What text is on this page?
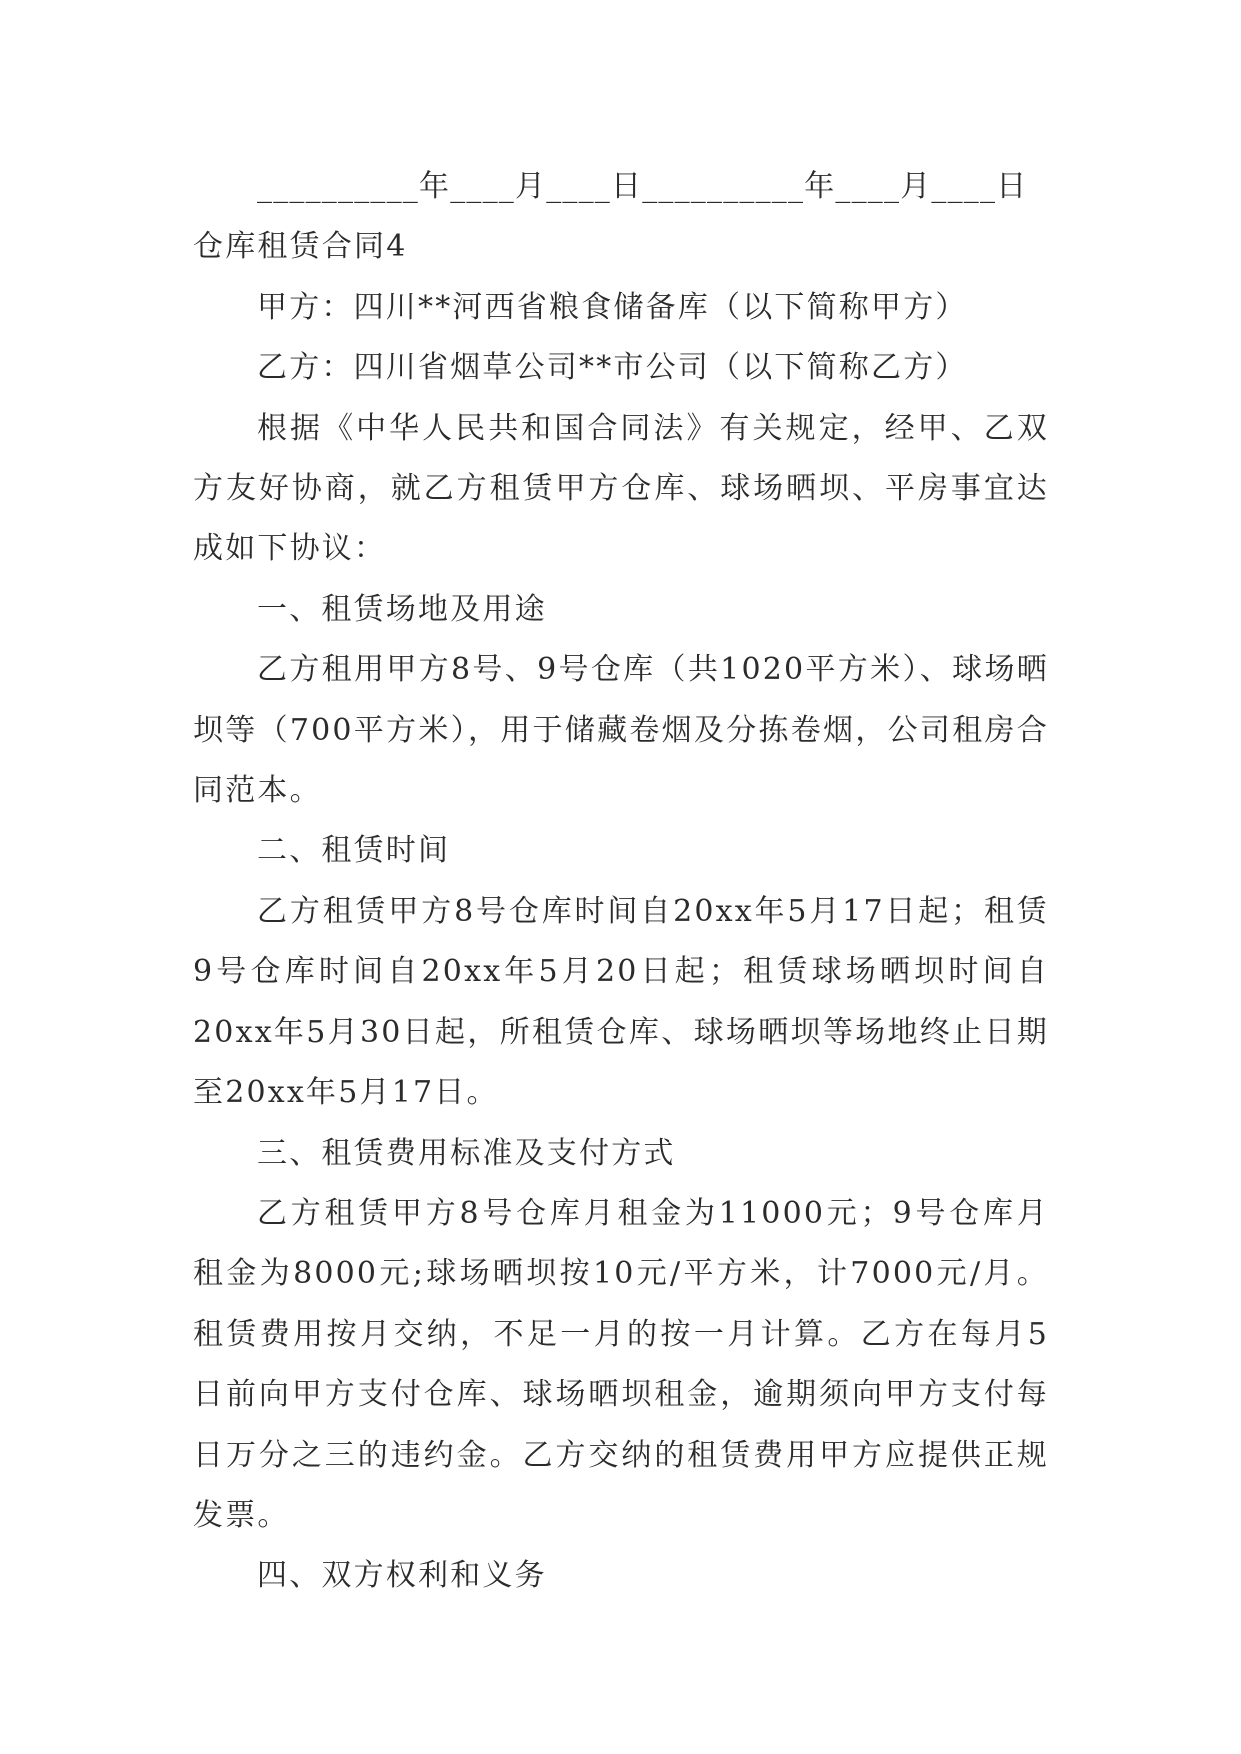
__________年____月____日__________年____月____日

仓库租赁合同4

甲方：四川**河西省粮食储备库（以下简称甲方）

乙方：四川省烟草公司**市公司（以下简称乙方）

根据《中华人民共和国合同法》有关规定，经甲、乙双方友好协商，就乙方租赁甲方仓库、球场晒坝、平房事宜达成如下协议：

一、租赁场地及用途

乙方租用甲方8号、9号仓库（共1020平方米）、球场晒坝等（700平方米），用于储藏卷烟及分拣卷烟，公司租房合同范本。

二、租赁时间

乙方租赁甲方8号仓库时间自20xx年5月17日起；租赁9号仓库时间自20xx年5月20日起；租赁球场晒坝时间自20xx年5月30日起，所租赁仓库、球场晒坝等场地终止日期至20xx年5月17日。

三、租赁费用标准及支付方式

乙方租赁甲方8号仓库月租金为11000元；9号仓库月租金为8000元;球场晒坝按10元/平方米，计7000元/月。租赁费用按月交纳，不足一月的按一月计算。乙方在每月5日前向甲方支付仓库、球场晒坝租金，逾期须向甲方支付每日万分之三的违约金。乙方交纳的租赁费用甲方应提供正规发票。

四、双方权利和义务
